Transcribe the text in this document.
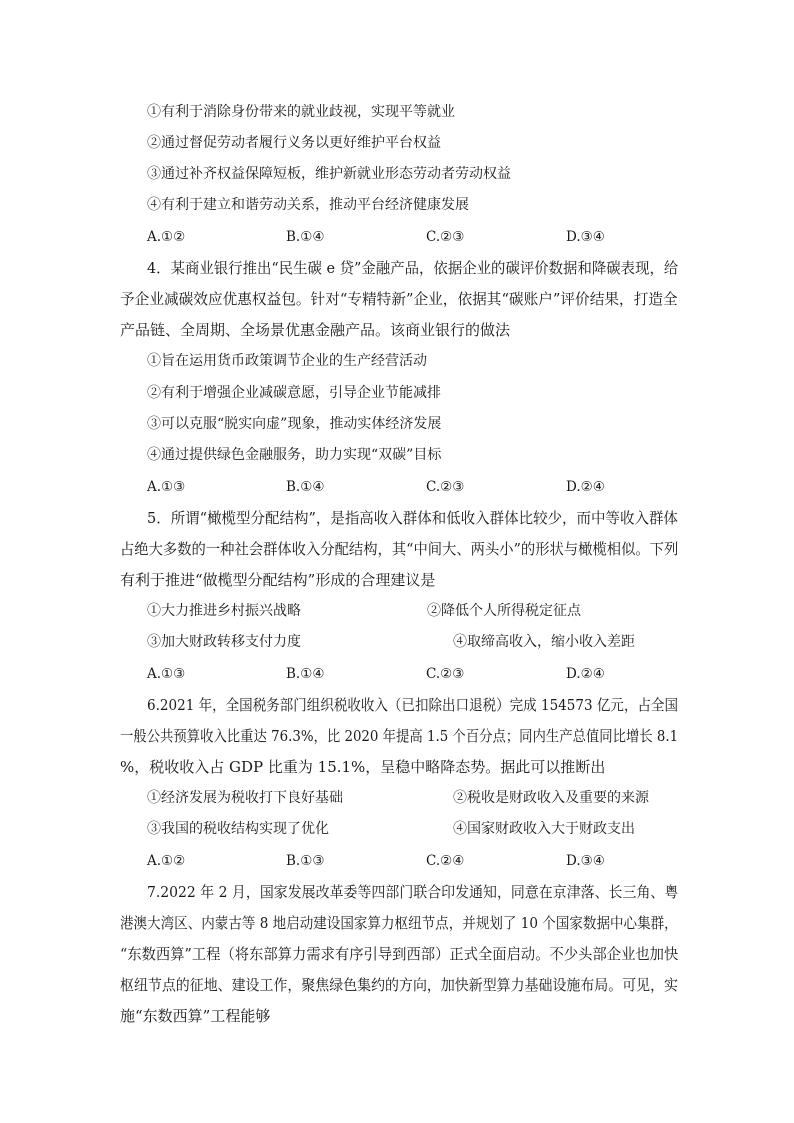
①有利于消除身份带来的就业歧视，实现平等就业
②通过督促劳动者履行义务以更好维护平台权益
③通过补齐权益保障短板，维护新就业形态劳动者劳动权益
④有利于建立和谐劳动关系，推动平台经济健康发展
A.①②	B.①④	C.②③	D.③④
4．某商业银行推出“民生碳 e 贷”金融产品，依据企业的碳评价数据和降碳表现，给
予企业减碳效应优惠权益包。针对“专精特新”企业，依据其“碳账户”评价结果，打造全
产品链、全周期、全场景优惠金融产品。该商业银行的做法
①旨在运用货币政策调节企业的生产经营活动
②有利于增强企业减碳意愿，引导企业节能减排
③可以克服“脱实向虚”现象，推动实体经济发展
④通过提供绿色金融服务，助力实现“双碳”目标
A.①③	B.①④	C.②③	D.②④
5．所谓“橄榄型分配结构”，是指高收入群体和低收入群体比较少，而中等收入群体
占绝大多数的一种社会群体收入分配结构，其“中间大、两头小”的形状与橄榄相似。下列
有利于推进“做榄型分配结构”形成的合理建议是
①大力推进乡村振兴战略	②降低个人所得税定征点
③加大财政转移支付力度	④取缔高收入，缩小收入差距
A.①③	B.①④	C.②③	D.②④
6.2021 年，全国税务部门组织税收收入（已扣除出口退税）完成 154573 亿元，占全国
一般公共预算收入比重达 76.3%，比 2020 年提高 1.5 个百分点；同内生产总值同比增长 8.1
%，税收收入占 GDP 比重为 15.1%，呈稳中略降态势。据此可以推断出
①经济发展为税收打下良好基础	②税收是财政收入及重要的来源
③我国的税收结构实现了优化	④国家财政收入大于财政支出
A.①②	B.①③	C.②④	D.③④
7.2022 年 2 月，国家发展改革委等四部门联合印发通知，同意在京津落、长三角、粤
港澳大湾区、内蒙古等 8 地启动建设国家算力枢纽节点，并规划了 10 个国家数据中心集群，
“东数西算”工程（将东部算力需求有序引导到西部）正式全面启动。不少头部企业也加快
枢纽节点的征地、建设工作，聚焦绿色集约的方向，加快新型算力基础设施布局。可见，实
施“东数西算”工程能够
